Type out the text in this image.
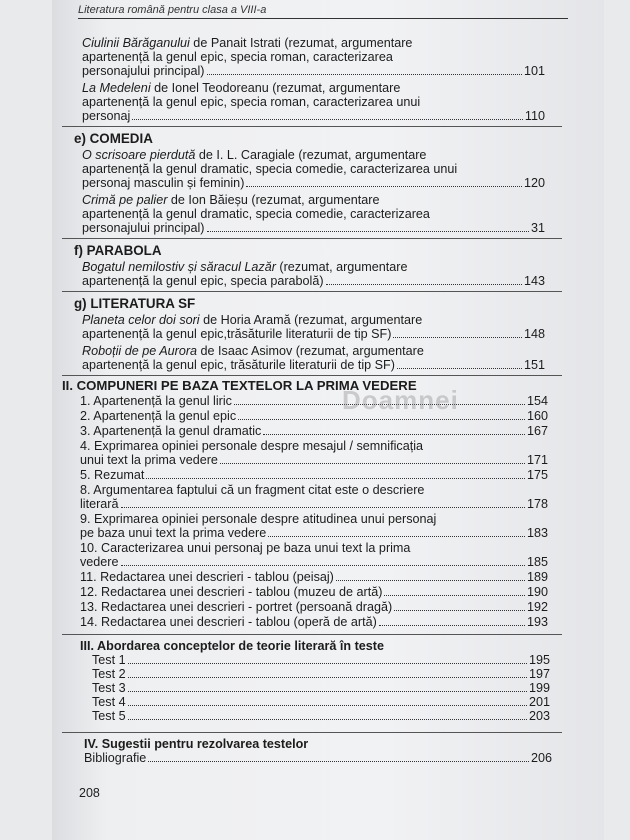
Literatura română pentru clasa a VIII-a
Ciulinii Bărăganului de Panait Istrati (rezumat, argumentare
apartenență la genul epic, specia roman, caracterizarea
personajului principal)	101
La Medeleni de Ionel Teodoreanu (rezumat, argumentare
apartenență la genul epic, specia roman, caracterizarea unui
personaj	110
e) COMEDIA
O scrisoare pierdută de I. L. Caragiale (rezumat, argumentare
apartenență la genul dramatic, specia comedie, caracterizarea unui
personaj masculin și feminin)	120
Crimă pe palier de Ion Băieșu (rezumat, argumentare
apartenență la genul dramatic, specia comedie, caracterizarea
personajului principal)	31
f) PARABOLA
Bogatul nemilostiv și săracul Lazăr (rezumat, argumentare
apartenență la genul epic, specia parabolă)	143
g) LITERATURA SF
Planeta celor doi sori de Horia Aramă (rezumat, argumentare
apartenență la genul epic,trăsăturile literaturii de tip SF)	148
Roboții de pe Aurora de Isaac Asimov (rezumat, argumentare
apartenență la genul epic, trăsăturile literaturii de tip SF)	151
II. COMPUNERI PE BAZA TEXTELOR LA PRIMA VEDERE
1. Apartenență la genul liric	154
2. Apartenență la genul epic	160
3. Apartenență la genul dramatic	167
4. Exprimarea opiniei personale despre mesajul / semnificația
unui text la prima vedere	171
5. Rezumat	175
8. Argumentarea faptului că un fragment citat este o descriere
literară	178
9. Exprimarea opiniei personale despre atitudinea unui personaj
pe baza unui text la prima vedere	183
10. Caracterizarea unui personaj pe baza unui text la prima
vedere	185
11. Redactarea unei descrieri - tablou (peisaj)	189
12. Redactarea unei descrieri - tablou (muzeu de artă)	190
13. Redactarea unei descrieri - portret (persoană dragă)	192
14. Redactarea unei descrieri - tablou (operă de artă)	193
III. Abordarea conceptelor de teorie literară în teste
Test 1	195
Test 2	197
Test 3	199
Test 4	201
Test 5	203
IV. Sugestii pentru rezolvarea testelor
Bibliografie	206
Doamnei
208
